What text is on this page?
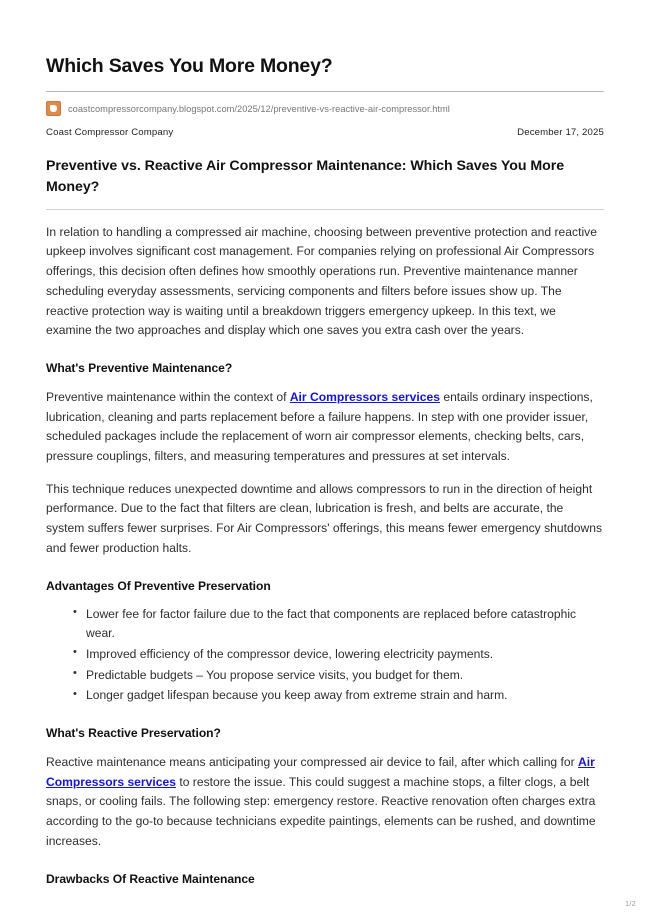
Which Saves You More Money?
coastcompressorcompany.blogspot.com/2025/12/preventive-vs-reactive-air-compressor.html
Coast Compressor Company	December 17, 2025
Preventive vs. Reactive Air Compressor Maintenance: Which Saves You More Money?

In relation to handling a compressed air machine, choosing between preventive protection and reactive upkeep involves significant cost management. For companies relying on professional Air Compressors offerings, this decision often defines how smoothly operations run. Preventive maintenance manner scheduling everyday assessments, servicing components and filters before issues show up. The reactive protection way is waiting until a breakdown triggers emergency upkeep. In this text, we examine the two approaches and display which one saves you extra cash over the years.

What's Preventive Maintenance?

Preventive maintenance within the context of Air Compressors services entails ordinary inspections, lubrication, cleaning and parts replacement before a failure happens. In step with one provider issuer, scheduled packages include the replacement of worn air compressor elements, checking belts, cars, pressure couplings, filters, and measuring temperatures and pressures at set intervals.

This technique reduces unexpected downtime and allows compressors to run in the direction of height performance. Due to the fact that filters are clean, lubrication is fresh, and belts are accurate, the system suffers fewer surprises. For Air Compressors' offerings, this means fewer emergency shutdowns and fewer production halts.

Advantages Of Preventive Preservation
• Lower fee for factor failure due to the fact that components are replaced before catastrophic wear.
• Improved efficiency of the compressor device, lowering electricity payments.
• Predictable budgets – You propose service visits, you budget for them.
• Longer gadget lifespan because you keep away from extreme strain and harm.
What's Reactive Preservation?

Reactive maintenance means anticipating your compressed air device to fail, after which calling for Air Compressors services to restore the issue. This could suggest a machine stops, a filter clogs, a belt snaps, or cooling fails. The following step: emergency restore. Reactive renovation often charges extra according to the go-to because technicians expedite paintings, elements can be rushed, and downtime increases.

Drawbacks Of Reactive Maintenance
1/2
